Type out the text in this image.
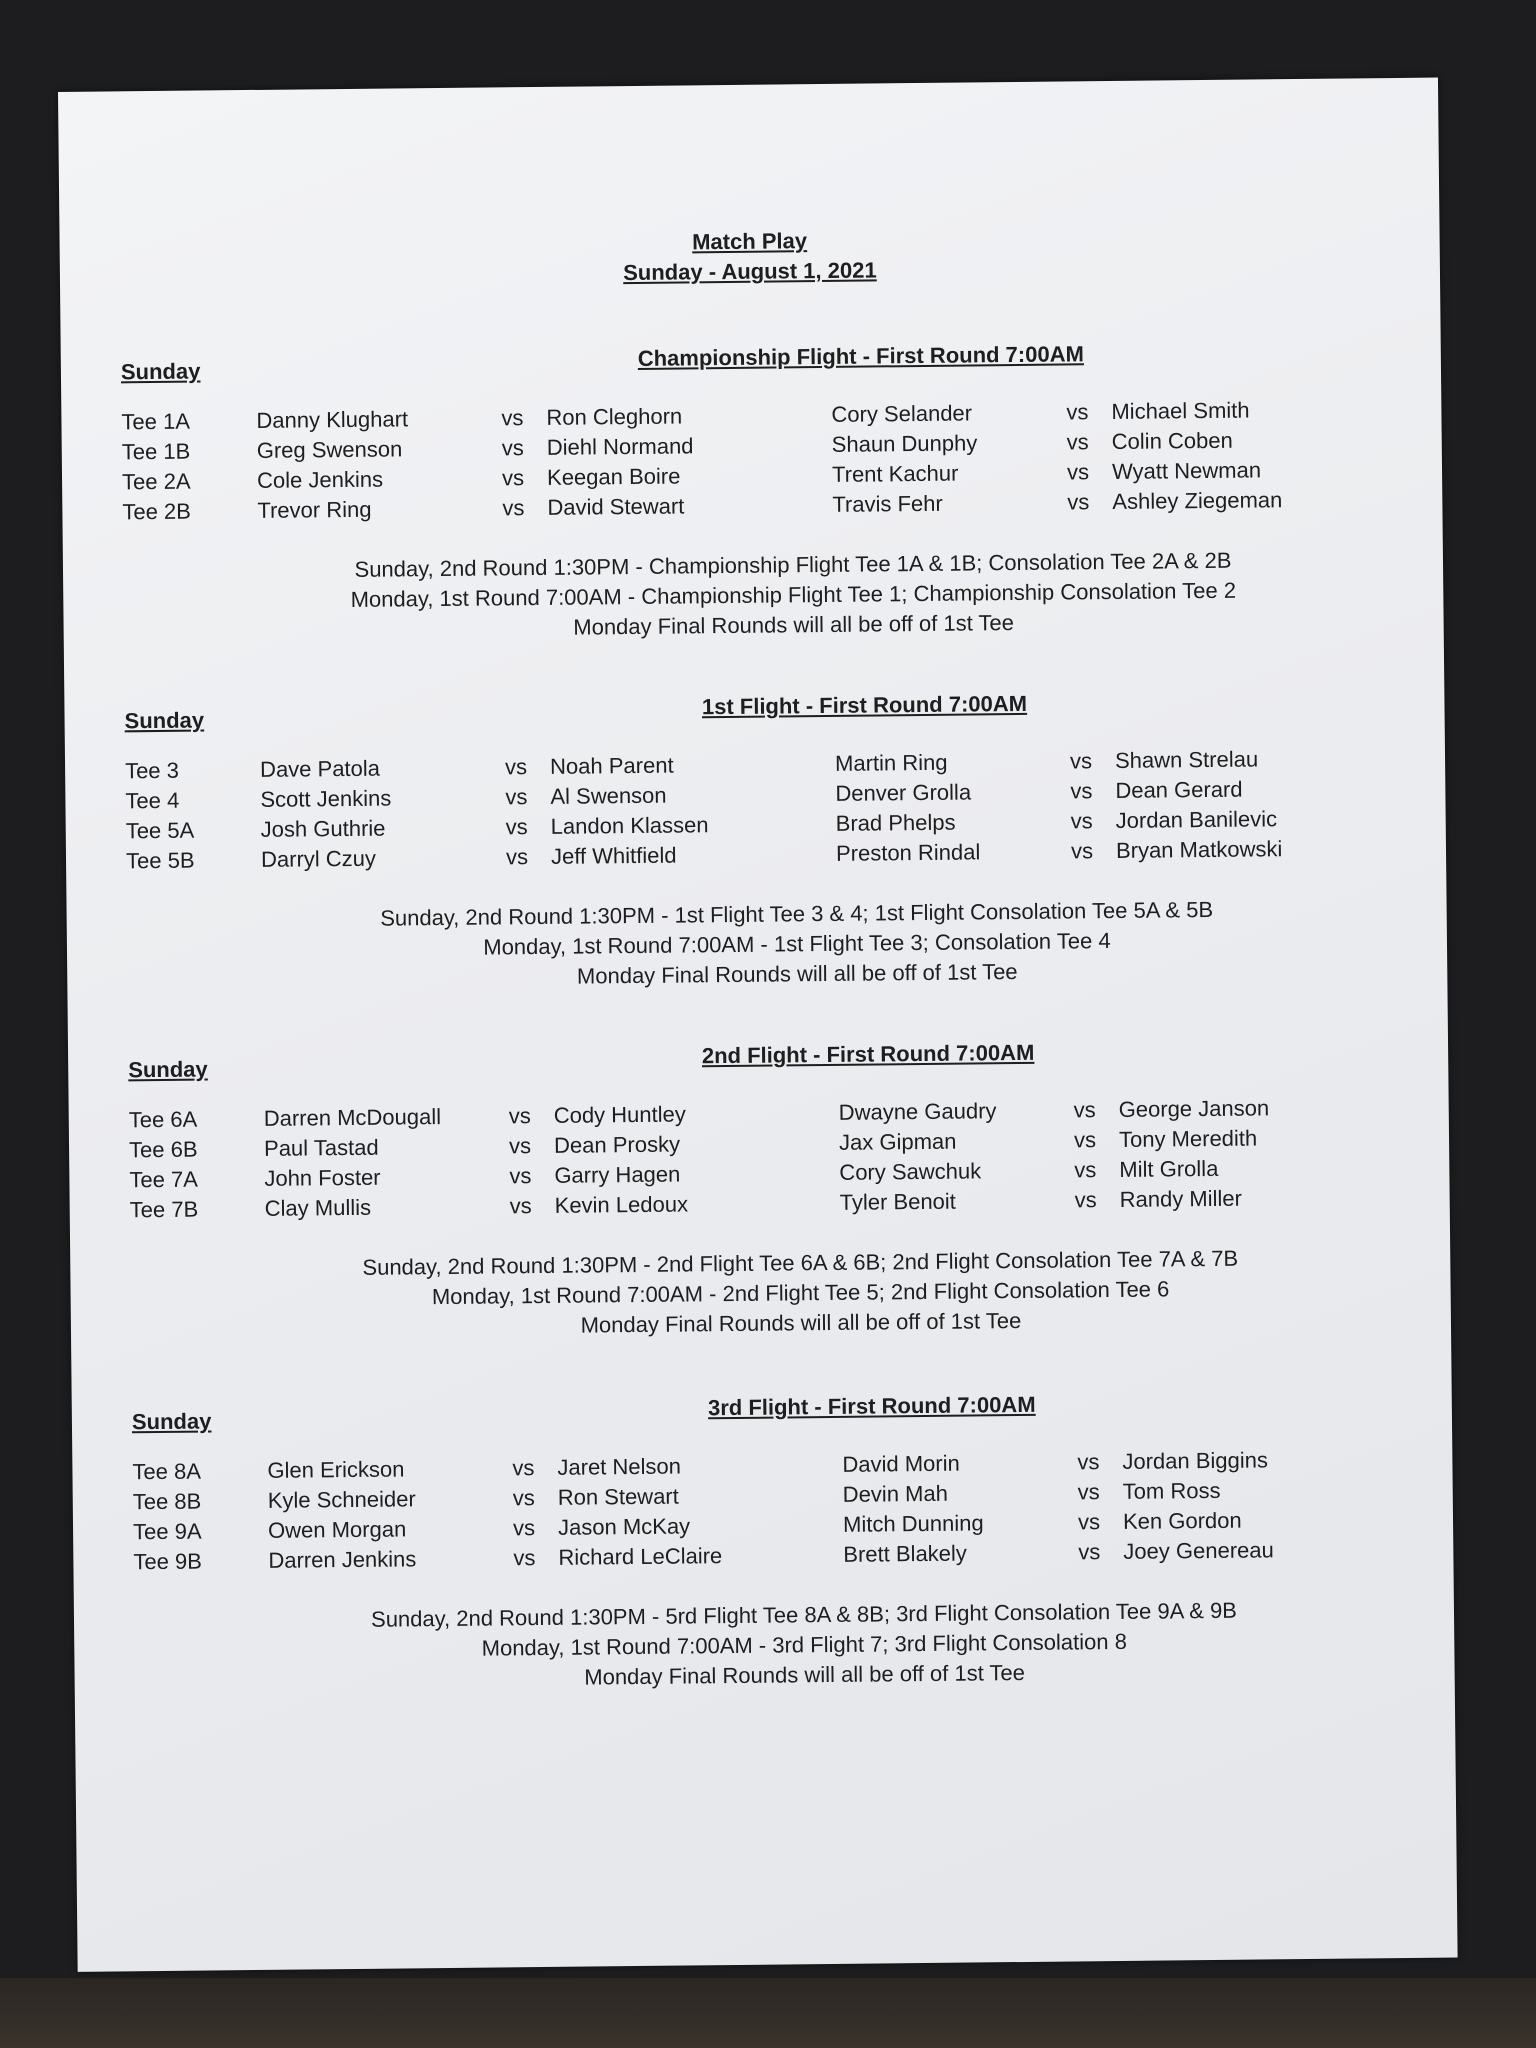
Match Play
Sunday - August 1, 2021
Sunday
Championship Flight - First Round 7:00AM
Tee 1A	Danny Klughart	vs Ron Cleghorn	Cory Selander	vs Michael Smith
Tee 1B	Greg Swenson	vs Diehl Normand	Shaun Dunphy	vs Colin Coben
Tee 2A	Cole Jenkins	vs Keegan Boire	Trent Kachur	vs Wyatt Newman
Tee 2B	Trevor Ring	vs David Stewart	Travis Fehr	vs Ashley Ziegeman
Sunday, 2nd Round 1:30PM - Championship Flight Tee 1A & 1B; Consolation Tee 2A & 2B
Monday, 1st Round 7:00AM - Championship Flight Tee 1; Championship Consolation Tee 2
Monday Final Rounds will all be off of 1st Tee
Sunday
1st Flight - First Round 7:00AM
Tee 3	Dave Patola	vs Noah Parent	Martin Ring	vs Shawn Strelau
Tee 4	Scott Jenkins	vs Al Swenson	Denver Grolla	vs Dean Gerard
Tee 5A	Josh Guthrie	vs Landon Klassen	Brad Phelps	vs Jordan Banilevic
Tee 5B	Darryl Czuy	vs Jeff Whitfield	Preston Rindal	vs Bryan Matkowski
Sunday, 2nd Round 1:30PM - 1st Flight Tee 3 & 4; 1st Flight Consolation Tee 5A & 5B
Monday, 1st Round 7:00AM - 1st Flight Tee 3; Consolation Tee 4
Monday Final Rounds will all be off of 1st Tee
Sunday
2nd Flight - First Round 7:00AM
Tee 6A	Darren McDougall	vs Cody Huntley	Dwayne Gaudry	vs George Janson
Tee 6B	Paul Tastad	vs Dean Prosky	Jax Gipman	vs Tony Meredith
Tee 7A	John Foster	vs Garry Hagen	Cory Sawchuk	vs Milt Grolla
Tee 7B	Clay Mullis	vs Kevin Ledoux	Tyler Benoit	vs Randy Miller
Sunday, 2nd Round 1:30PM - 2nd Flight Tee 6A & 6B; 2nd Flight Consolation Tee 7A & 7B
Monday, 1st Round 7:00AM - 2nd Flight Tee 5; 2nd Flight Consolation Tee 6
Monday Final Rounds will all be off of 1st Tee
Sunday
3rd Flight - First Round 7:00AM
Tee 8A	Glen Erickson	vs Jaret Nelson	David Morin	vs Jordan Biggins
Tee 8B	Kyle Schneider	vs Ron Stewart	Devin Mah	vs Tom Ross
Tee 9A	Owen Morgan	vs Jason McKay	Mitch Dunning	vs Ken Gordon
Tee 9B	Darren Jenkins	vs Richard LeClaire	Brett Blakely	vs Joey Genereau
Sunday, 2nd Round 1:30PM - 5rd Flight Tee 8A & 8B; 3rd Flight Consolation Tee 9A & 9B
Monday, 1st Round 7:00AM - 3rd Flight 7; 3rd Flight Consolation 8
Monday Final Rounds will all be off of 1st Tee
